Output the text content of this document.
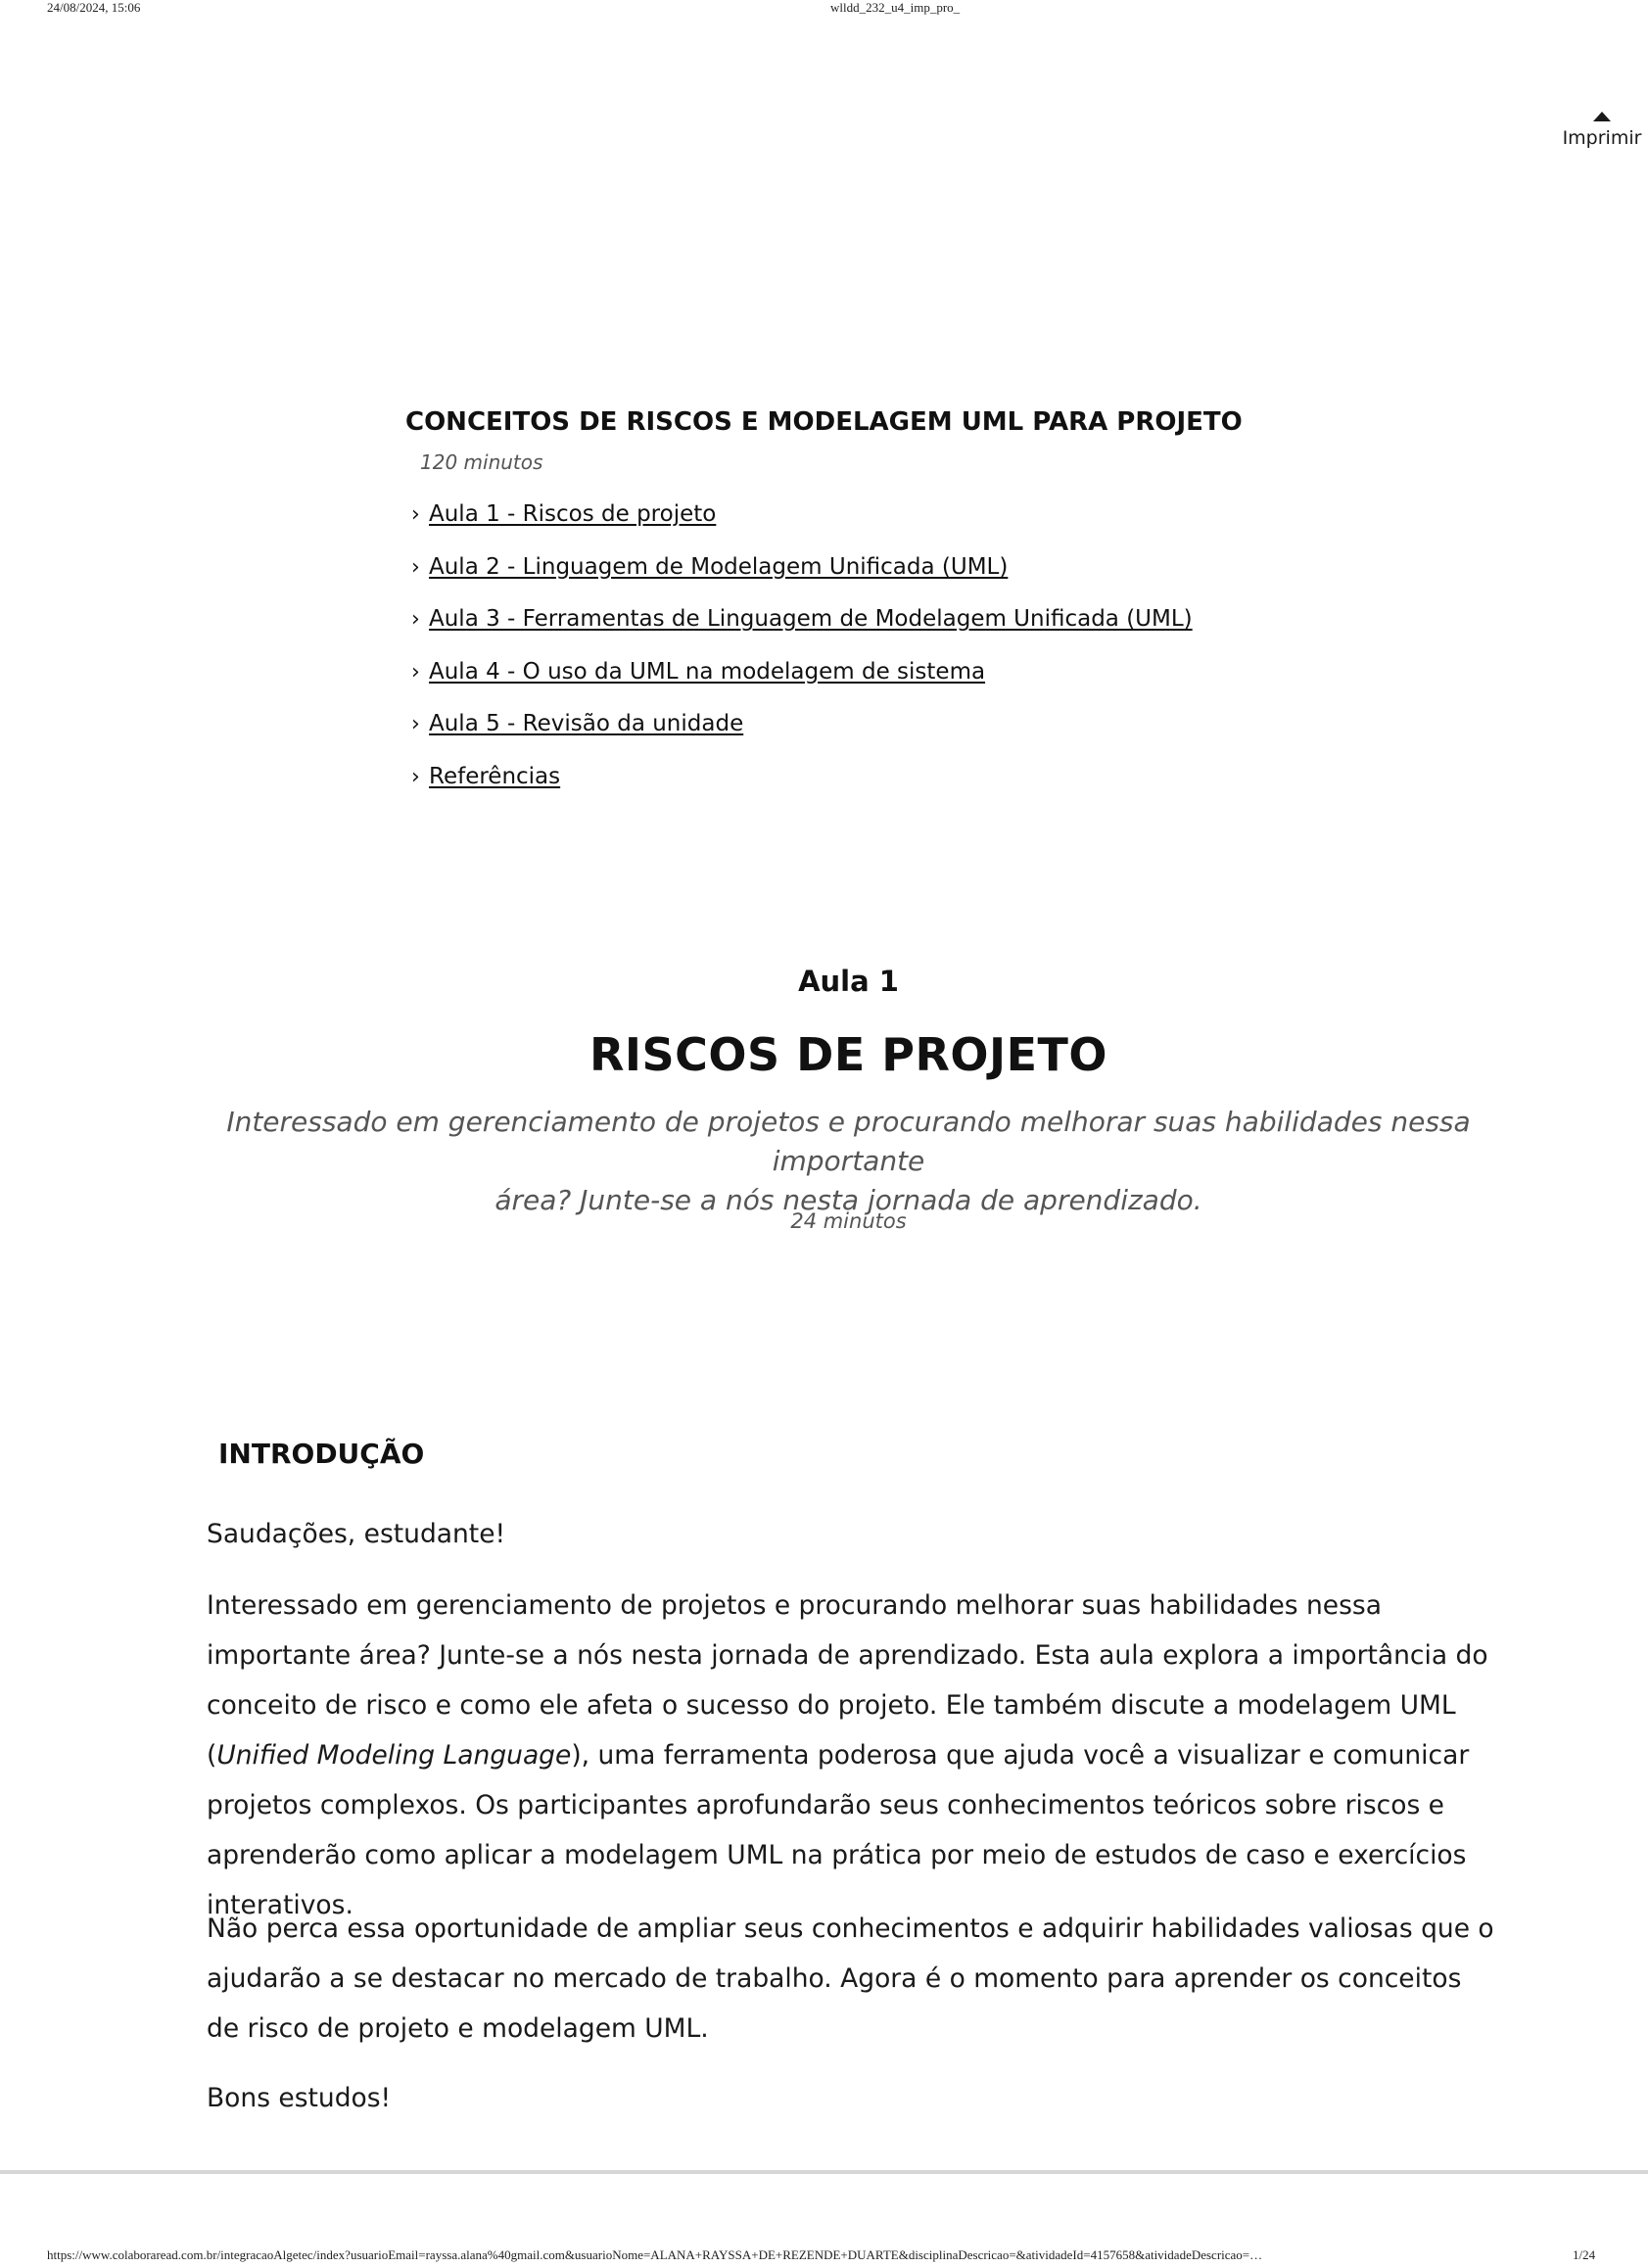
24/08/2024, 15:06	wlldd_232_u4_imp_pro_
Imprimir
CONCEITOS DE RISCOS E MODELAGEM UML PARA PROJETO
120 minutos
› Aula 1 - Riscos de projeto
› Aula 2 - Linguagem de Modelagem Unificada (UML)
› Aula 3 - Ferramentas de Linguagem de Modelagem Unificada (UML)
› Aula 4 - O uso da UML na modelagem de sistema
› Aula 5 - Revisão da unidade
› Referências
Aula 1
RISCOS DE PROJETO
Interessado em gerenciamento de projetos e procurando melhorar suas habilidades nessa importante
área? Junte-se a nós nesta jornada de aprendizado.
24 minutos
INTRODUÇÃO

Saudações, estudante!

Interessado em gerenciamento de projetos e procurando melhorar suas habilidades nessa importante área? Junte-se a nós nesta jornada de aprendizado. Esta aula explora a importância do conceito de risco e como ele afeta o sucesso do projeto. Ele também discute a modelagem UML (Unified Modeling Language), uma ferramenta poderosa que ajuda você a visualizar e comunicar projetos complexos. Os participantes aprofundarão seus conhecimentos teóricos sobre riscos e aprenderão como aplicar a modelagem UML na prática por meio de estudos de caso e exercícios interativos.

Não perca essa oportunidade de ampliar seus conhecimentos e adquirir habilidades valiosas que o ajudarão a se destacar no mercado de trabalho. Agora é o momento para aprender os conceitos de risco de projeto e modelagem UML.

Bons estudos!

https://www.colaboraread.com.br/integracaoAlgetec/index?usuarioEmail=rayssa.alana%40gmail.com&usuarioNome=ALANA+RAYSSA+DE+REZENDE+DUARTE&disciplinaDescricao=&atividadeId=4157658&atividadeDescricao=…	1/24
